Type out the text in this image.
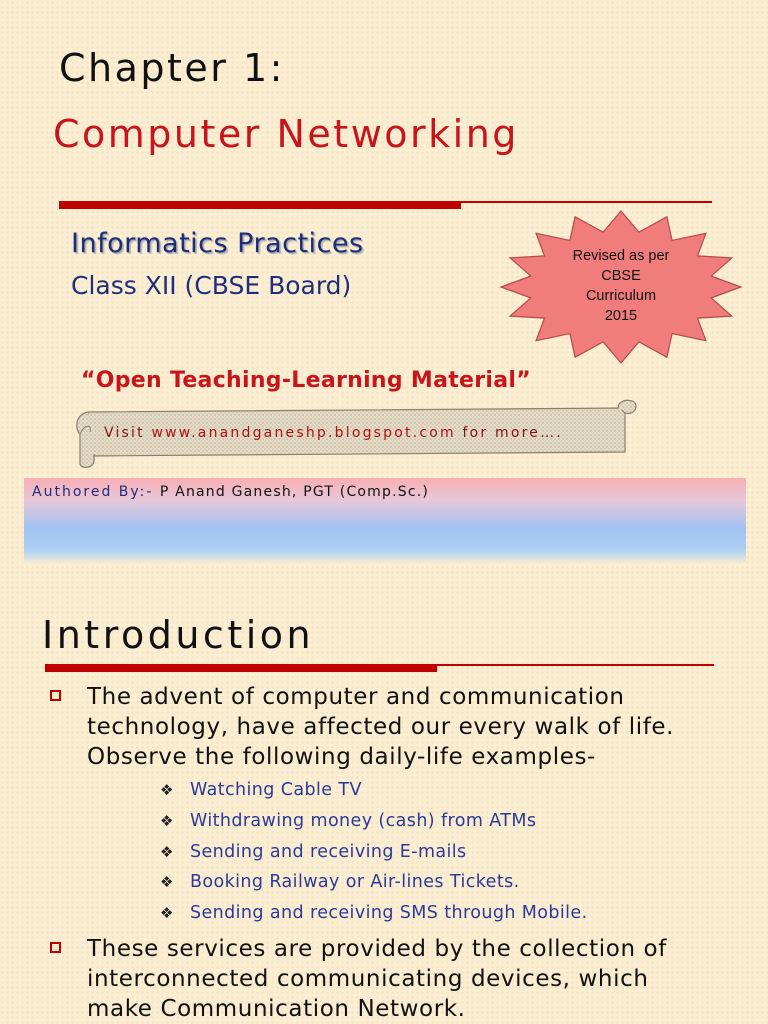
Chapter 1:
Computer Networking
Informatics Practices
Class XII (CBSE Board)
Revised as per
CBSE
Curriculum
2015
“Open Teaching-Learning Material”
Visit www.anandganeshp.blogspot.com for more….
Authored By:- P Anand Ganesh, PGT (Comp.Sc.)
Introduction
The advent of computer and communication
technology, have affected our every walk of life.
Observe the following daily-life examples-
❖ Watching Cable TV
❖ Withdrawing money (cash) from ATMs
❖ Sending and receiving E-mails
❖ Booking Railway or Air-lines Tickets.
❖ Sending and receiving SMS through Mobile.
These services are provided by the collection of
interconnected communicating devices, which
make Communication Network.
